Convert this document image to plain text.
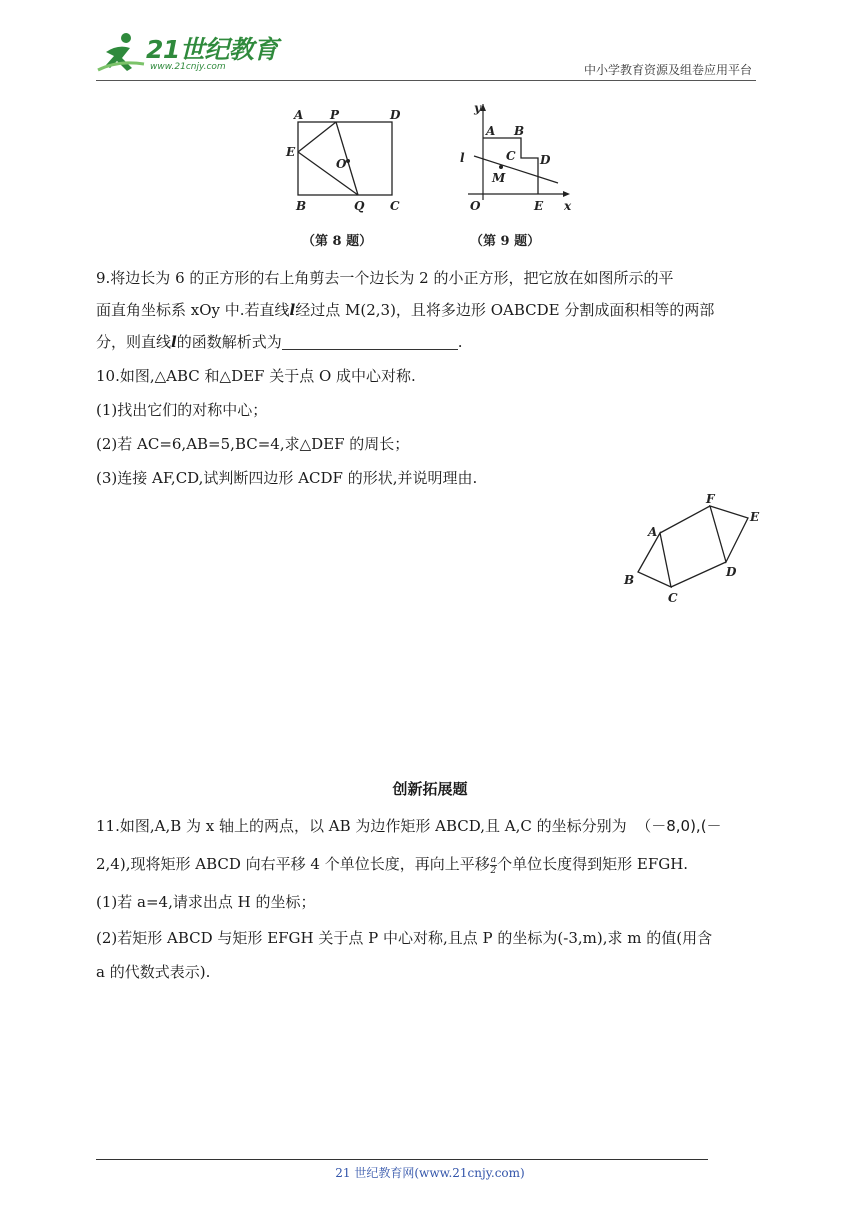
21世纪教育
www.21cnjy.com	中小学教育资源及组卷应用平台
A P	D
E
O
B	Q C
（第 8 题）
y
A B
l	C D
M
O	E x
（第 9 题）
9.将边长为 6 的正方形的右上角剪去一个边长为 2 的小正方形，把它放在如图所示的平
面直角坐标系 xOy 中.若直线l经过点 M(2,3)，且将多边形 OABCDE 分割成面积相等的两部
分，则直线l的函数解析式为	.
10.如图,△ABC 和△DEF 关于点 O 成中心对称.
(1)找出它们的对称中心；
(2)若 AC=6,AB=5,BC=4,求△DEF 的周长；
(3)连接 AF,CD,试判断四边形 ACDF 的形状,并说明理由.
A
B
C
D
E
F
创新拓展题
11.如图,A,B 为 x 轴上的两点，以 AB 为边作矩形 ABCD,且 A,C 的坐标分别为 （－8,0),(－
2,4),现将矩形 ABCD 向右平移 4 个单位长度，再向上平移 $\frac{a}{2}$ 个单位长度得到矩形 EFGH.
(1)若 a=4,请求出点 H 的坐标；
(2)若矩形 ABCD 与矩形 EFGH 关于点 P 中心对称,且点 P 的坐标为(-3,m),求 m 的值(用含
a 的代数式表示).
21 世纪教育网(www.21cnjy.com)
